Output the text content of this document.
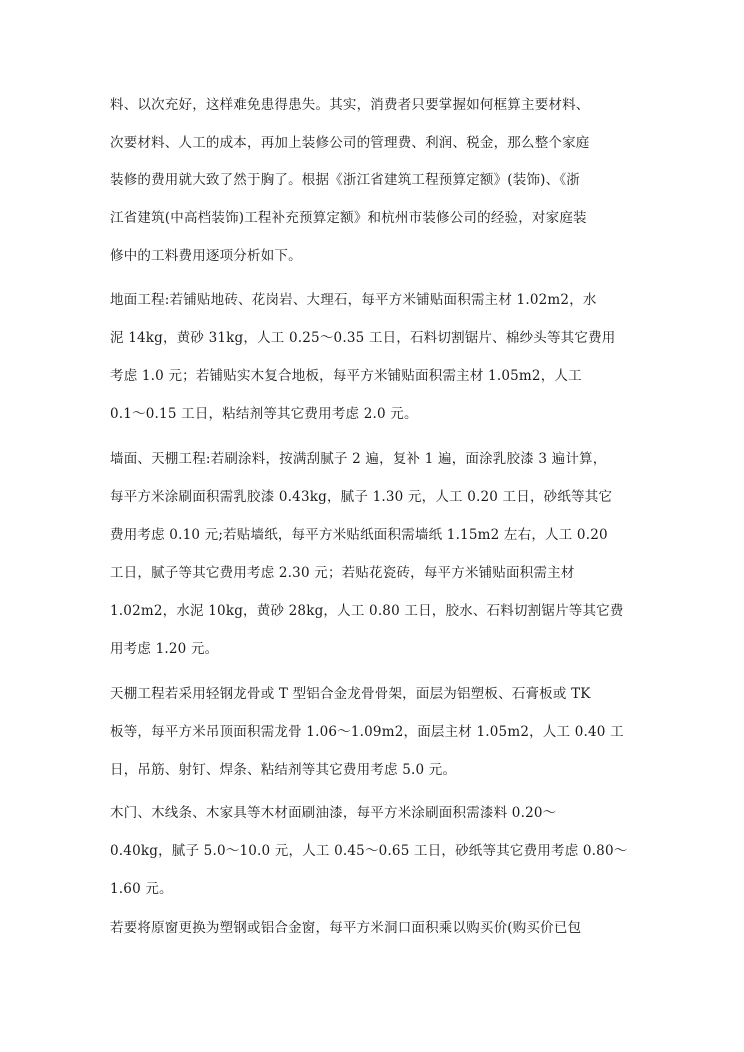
料、以次充好，这样难免患得患失。其实，消费者只要掌握如何框算主要材料、
次要材料、人工的成本，再加上装修公司的管理费、利润、税金，那么整个家庭
装修的费用就大致了然于胸了。根据《浙江省建筑工程预算定额》(装饰)、《浙
江省建筑(中高档装饰)工程补充预算定额》和杭州市装修公司的经验，对家庭装
修中的工料费用逐项分析如下。
地面工程:若铺贴地砖、花岗岩、大理石，每平方米铺贴面积需主材 1.02m2，水
泥 14kg，黄砂 31kg，人工 0.25～0.35 工日，石料切割锯片、棉纱头等其它费用
考虑 1.0 元；若铺贴实木复合地板，每平方米铺贴面积需主材 1.05m2，人工
0.1～0.15 工日，粘结剂等其它费用考虑 2.0 元。
墙面、天棚工程:若刷涂料，按满刮腻子 2 遍，复补 1 遍，面涂乳胶漆 3 遍计算，
每平方米涂刷面积需乳胶漆 0.43kg，腻子 1.30 元，人工 0.20 工日，砂纸等其它
费用考虑 0.10 元;若贴墙纸，每平方米贴纸面积需墙纸 1.15m2 左右，人工 0.20
工日，腻子等其它费用考虑 2.30 元；若贴花瓷砖，每平方米铺贴面积需主材
1.02m2，水泥 10kg，黄砂 28kg，人工 0.80 工日，胶水、石料切割锯片等其它费
用考虑 1.20 元。
天棚工程若采用轻钢龙骨或 T 型铝合金龙骨骨架，面层为铝塑板、石膏板或 TK
板等，每平方米吊顶面积需龙骨 1.06～1.09m2，面层主材 1.05m2，人工 0.40 工
日，吊筋、射钉、焊条、粘结剂等其它费用考虑 5.0 元。
木门、木线条、木家具等木材面刷油漆，每平方米涂刷面积需漆料 0.20～
0.40kg，腻子 5.0～10.0 元，人工 0.45～0.65 工日，砂纸等其它费用考虑 0.80～
1.60 元。
若要将原窗更换为塑钢或铝合金窗，每平方米洞口面积乘以购买价(购买价已包
